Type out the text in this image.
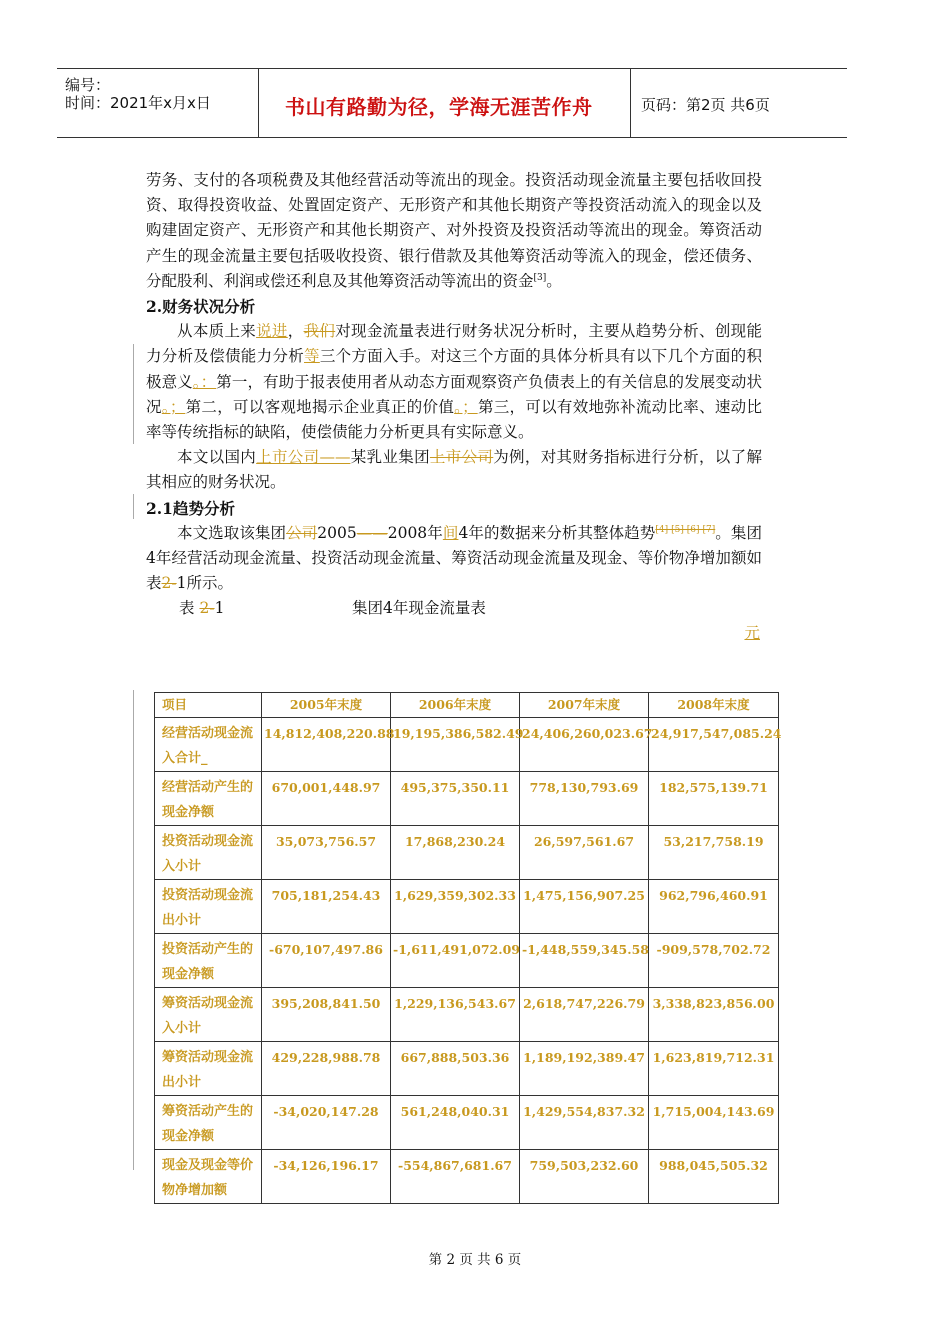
编号：
时间：2021年x月x日	书山有路勤为径，学海无涯苦作舟	页码：第2页 共6页

劳务、支付的各项税费及其他经营活动等流出的现金。投资活动现金流量主要包括收回投资、取得投资收益、处置固定资产、无形资产和其他长期资产等投资活动流入的现金以及购建固定资产、无形资产和其他长期资产、对外投资及投资活动等流出的现金。筹资活动产生的现金流量主要包括吸收投资、银行借款及其他筹资活动等流入的现金，偿还债务、分配股利、利润或偿还利息及其他筹资活动等流出的资金[3]。

2.财务状况分析

从本质上来说进，我们对现金流量表进行财务状况分析时，主要从趋势分析、创现能力分析及偿债能力分析等三个方面入手。对这三个方面的具体分析具有以下几个方面的积极意义。：第一，有助于报表使用者从动态方面观察资产负债表上的有关信息的发展变动状况。；第二，可以客观地揭示企业真正的价值。；第三，可以有效地弥补流动比率、速动比率等传统指标的缺陷，使偿债能力分析更具有实际意义。

本文以国内上市公司——某乳业集团上市公司为例，对其财务指标进行分析，以了解其相应的财务状况。

2.1趋势分析

本文选取该集团公司2005——2008年间4年的数据来分析其整体趋势[4] [5] [6] [7]。集团4年经营活动现金流量、投资活动现金流量、筹资活动现金流量及现金、等价物净增加额如表2-1所示。

表 2-1	集团4年现金流量表
元
项目	2005年末度	2006年末度	2007年末度	2008年末度
经营活动现金流入合计_	14,812,408,220.88	19,195,386,582.49	24,406,260,023.67	24,917,547,085.24
经营活动产生的现金净额	670,001,448.97	495,375,350.11	778,130,793.69	182,575,139.71
投资活动现金流入小计	35,073,756.57	17,868,230.24	26,597,561.67	53,217,758.19
投资活动现金流出小计	705,181,254.43	1,629,359,302.33	1,475,156,907.25	962,796,460.91
投资活动产生的现金净额	-670,107,497.86	-1,611,491,072.09	-1,448,559,345.58	-909,578,702.72
筹资活动现金流入小计	395,208,841.50	1,229,136,543.67	2,618,747,226.79	3,338,823,856.00
筹资活动现金流出小计	429,228,988.78	667,888,503.36	1,189,192,389.47	1,623,819,712.31
筹资活动产生的现金净额	-34,020,147.28	561,248,040.31	1,429,554,837.32	1,715,004,143.69
现金及现金等价物净增加额	-34,126,196.17	-554,867,681.67	759,503,232.60	988,045,505.32
第 2 页 共 6 页
